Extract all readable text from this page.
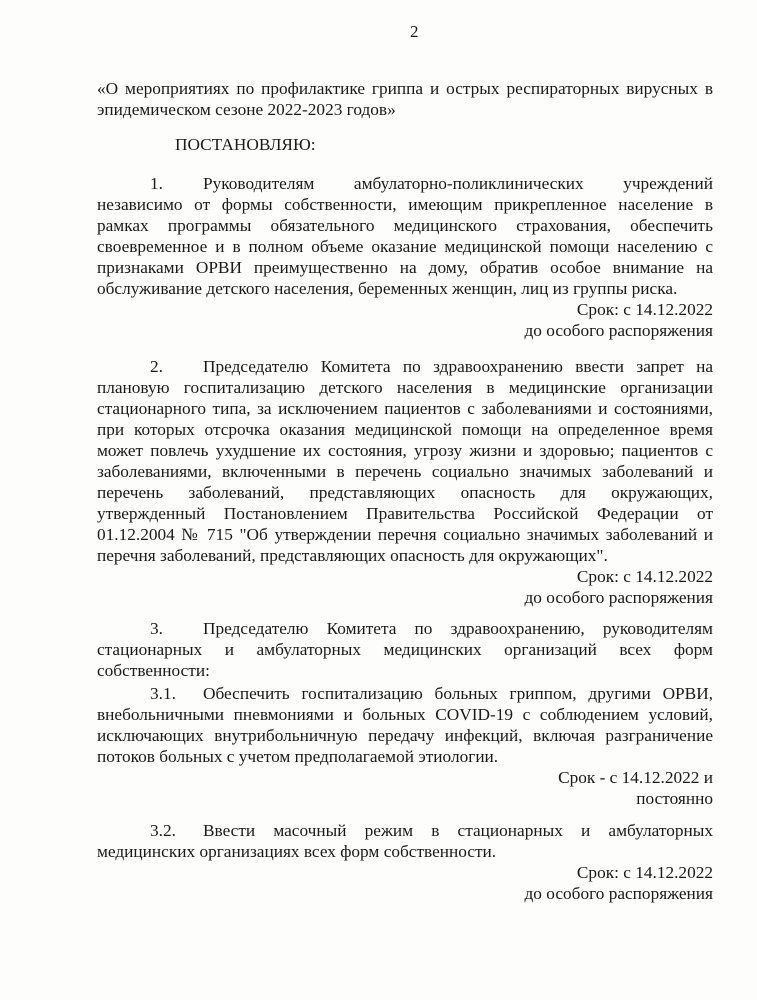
2
«О мероприятиях по профилактике гриппа и острых респираторных вирусных в
эпидемическом сезоне 2022-2023 годов»
ПОСТАНОВЛЯЮ:
1.	Руководителям амбулаторно-поликлинических учреждений
независимо от формы собственности, имеющим прикрепленное население в
рамках программы обязательного медицинского страхования, обеспечить
своевременное и в полном объеме оказание медицинской помощи населению с
признаками ОРВИ преимущественно на дому, обратив особое внимание на
обслуживание детского населения, беременных женщин, лиц из группы риска.
Срок: с 14.12.2022
до особого распоряжения
2.	Председателю Комитета по здравоохранению ввести запрет на
плановую госпитализацию детского населения в медицинские организации
стационарного типа, за исключением пациентов с заболеваниями и состояниями,
при которых отсрочка оказания медицинской помощи на определенное время
может повлечь ухудшение их состояния, угрозу жизни и здоровью; пациентов с
заболеваниями, включенными в перечень социально значимых заболеваний и
перечень заболеваний, представляющих опасность для окружающих,
утвержденный Постановлением Правительства Российской Федерации от
01.12.2004 № 715 "Об утверждении перечня социально значимых заболеваний и
перечня заболеваний, представляющих опасность для окружающих".
Срок: с 14.12.2022
до особого распоряжения
3.	Председателю Комитета по здравоохранению, руководителям
стационарных и амбулаторных медицинских организаций всех форм
собственности:
3.1.	Обеспечить госпитализацию больных гриппом, другими ОРВИ,
внебольничными пневмониями и больных COVID-19 с соблюдением условий,
исключающих внутрибольничную передачу инфекций, включая разграничение
потоков больных с учетом предполагаемой этиологии.
Срок - с 14.12.2022 и
постоянно
3.2.	Ввести масочный режим в стационарных и амбулаторных
медицинских организациях всех форм собственности.
Срок: с 14.12.2022
до особого распоряжения
